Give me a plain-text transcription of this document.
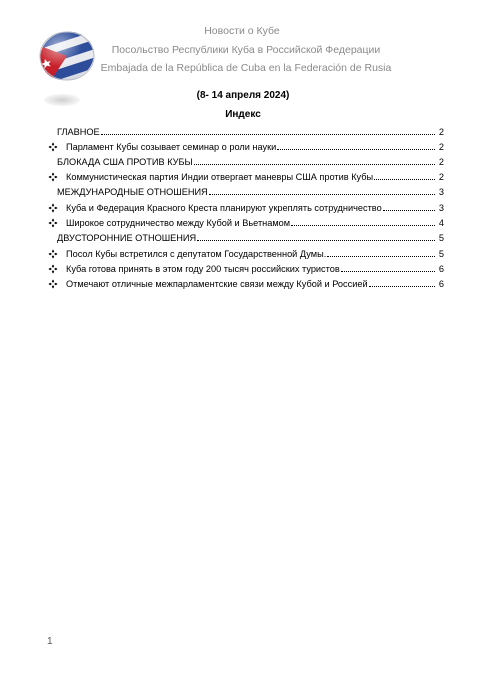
Новости о Кубе
Посольство Республики Куба в Российской Федерации
Embajada de la República de Cuba en la Federación de Rusia
(8- 14 апреля 2024)
Индекс
ГЛАВНОЕ	2
Парламент Кубы созывает семинар о роли науки	2
БЛОКАДА США ПРОТИВ КУБЫ	2
Коммунистическая партия Индии отвергает маневры США против Кубы	2
МЕЖДУНАРОДНЫЕ ОТНОШЕНИЯ	3
Куба и Федерация Красного Креста планируют укреплять сотрудничество	3
Широкое сотрудничество между Кубой и Вьетнамом	4
ДВУСТОРОННИЕ ОТНОШЕНИЯ	5
Посол Кубы встретился с депутатом Государственной Думы.	5
Куба готова принять в этом году 200 тысяч российских туристов	6
Отмечают отличные межпарламентские связи между Кубой и Россией	6
1
